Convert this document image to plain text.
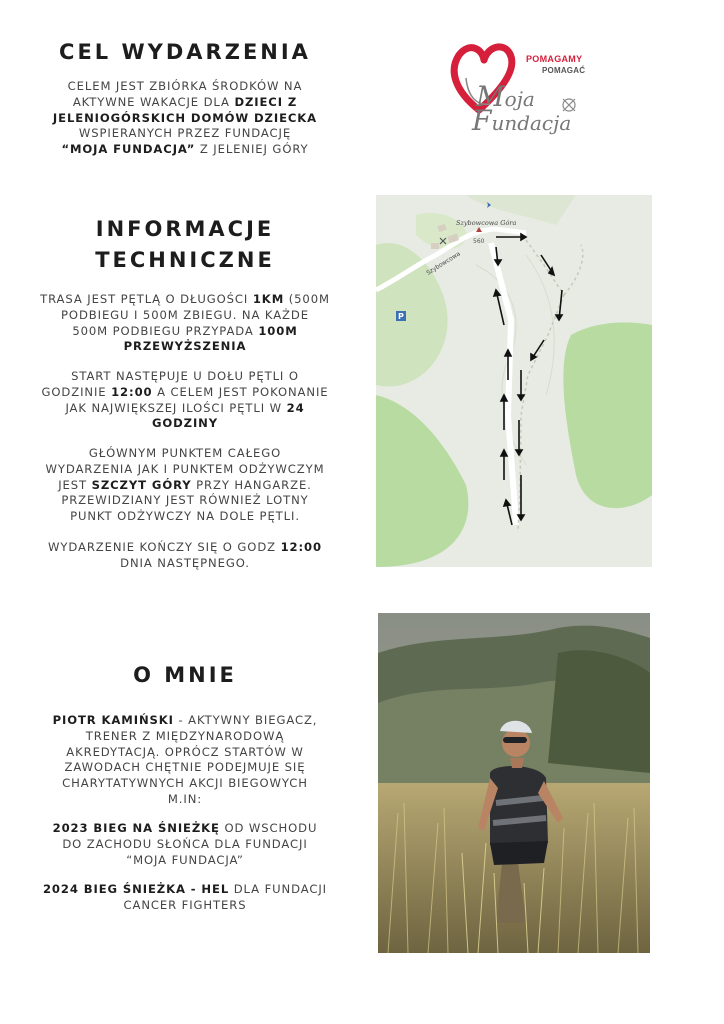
CEL WYDARZENIA
CELEM JEST ZBIÓRKA ŚRODKÓW NA
AKTYWNE WAKACJE DLA DZIECI Z
JELENIOGÓRSKICH DOMÓW DZIECKA
WSPIERANYCH PRZEZ FUNDACJĘ
“MOJA FUNDACJA” Z JELENIEJ GÓRY
POMAGAMY
POMAGAĆ
Moja
Fundacja
INFORMACJE
TECHNICZNE
TRASA JEST PĘTLĄ O DŁUGOŚCI 1KM (500M
PODBIEGU I 500M ZBIEGU. NA KAŻDE
500M PODBIEGU PRZYPADA 100M
PRZEWYŻSZENIA
START NASTĘPUJE U DOŁU PĘTLI O
GODZINIE 12:00 A CELEM JEST POKONANIE
JAK NAJWIĘKSZEJ ILOŚCI PĘTLI W 24
GODZINY
GŁÓWNYM PUNKTEM CAŁEGO
WYDARZENIA JAK I PUNKTEM ODŻYWCZYM
JEST SZCZYT GÓRY PRZY HANGARZE.
PRZEWIDZIANY JEST RÓWNIEŻ LOTNY
PUNKT ODŻYWCZY NA DOLE PĘTLI.
WYDARZENIE KOŃCZY SIĘ O GODZ 12:00
DNIA NASTĘPNEGO.
P
Szybowcowa Góra
560
Szybowcowa
O MNIE
PIOTR KAMIŃSKI - AKTYWNY BIEGACZ,
TRENER Z MIĘDZYNARODOWĄ
AKREDYTACJĄ. OPRÓCZ STARTÓW W
ZAWODACH CHĘTNIE PODEJMUJE SIĘ
CHARYTATYWNYCH AKCJI BIEGOWYCH
M.IN:
2023 BIEG NA ŚNIEŻKĘ OD WSCHODU
DO ZACHODU SŁOŃCA DLA FUNDACJI
“MOJA FUNDACJA”
2024 BIEG ŚNIEŻKA - HEL DLA FUNDACJI
CANCER FIGHTERS
